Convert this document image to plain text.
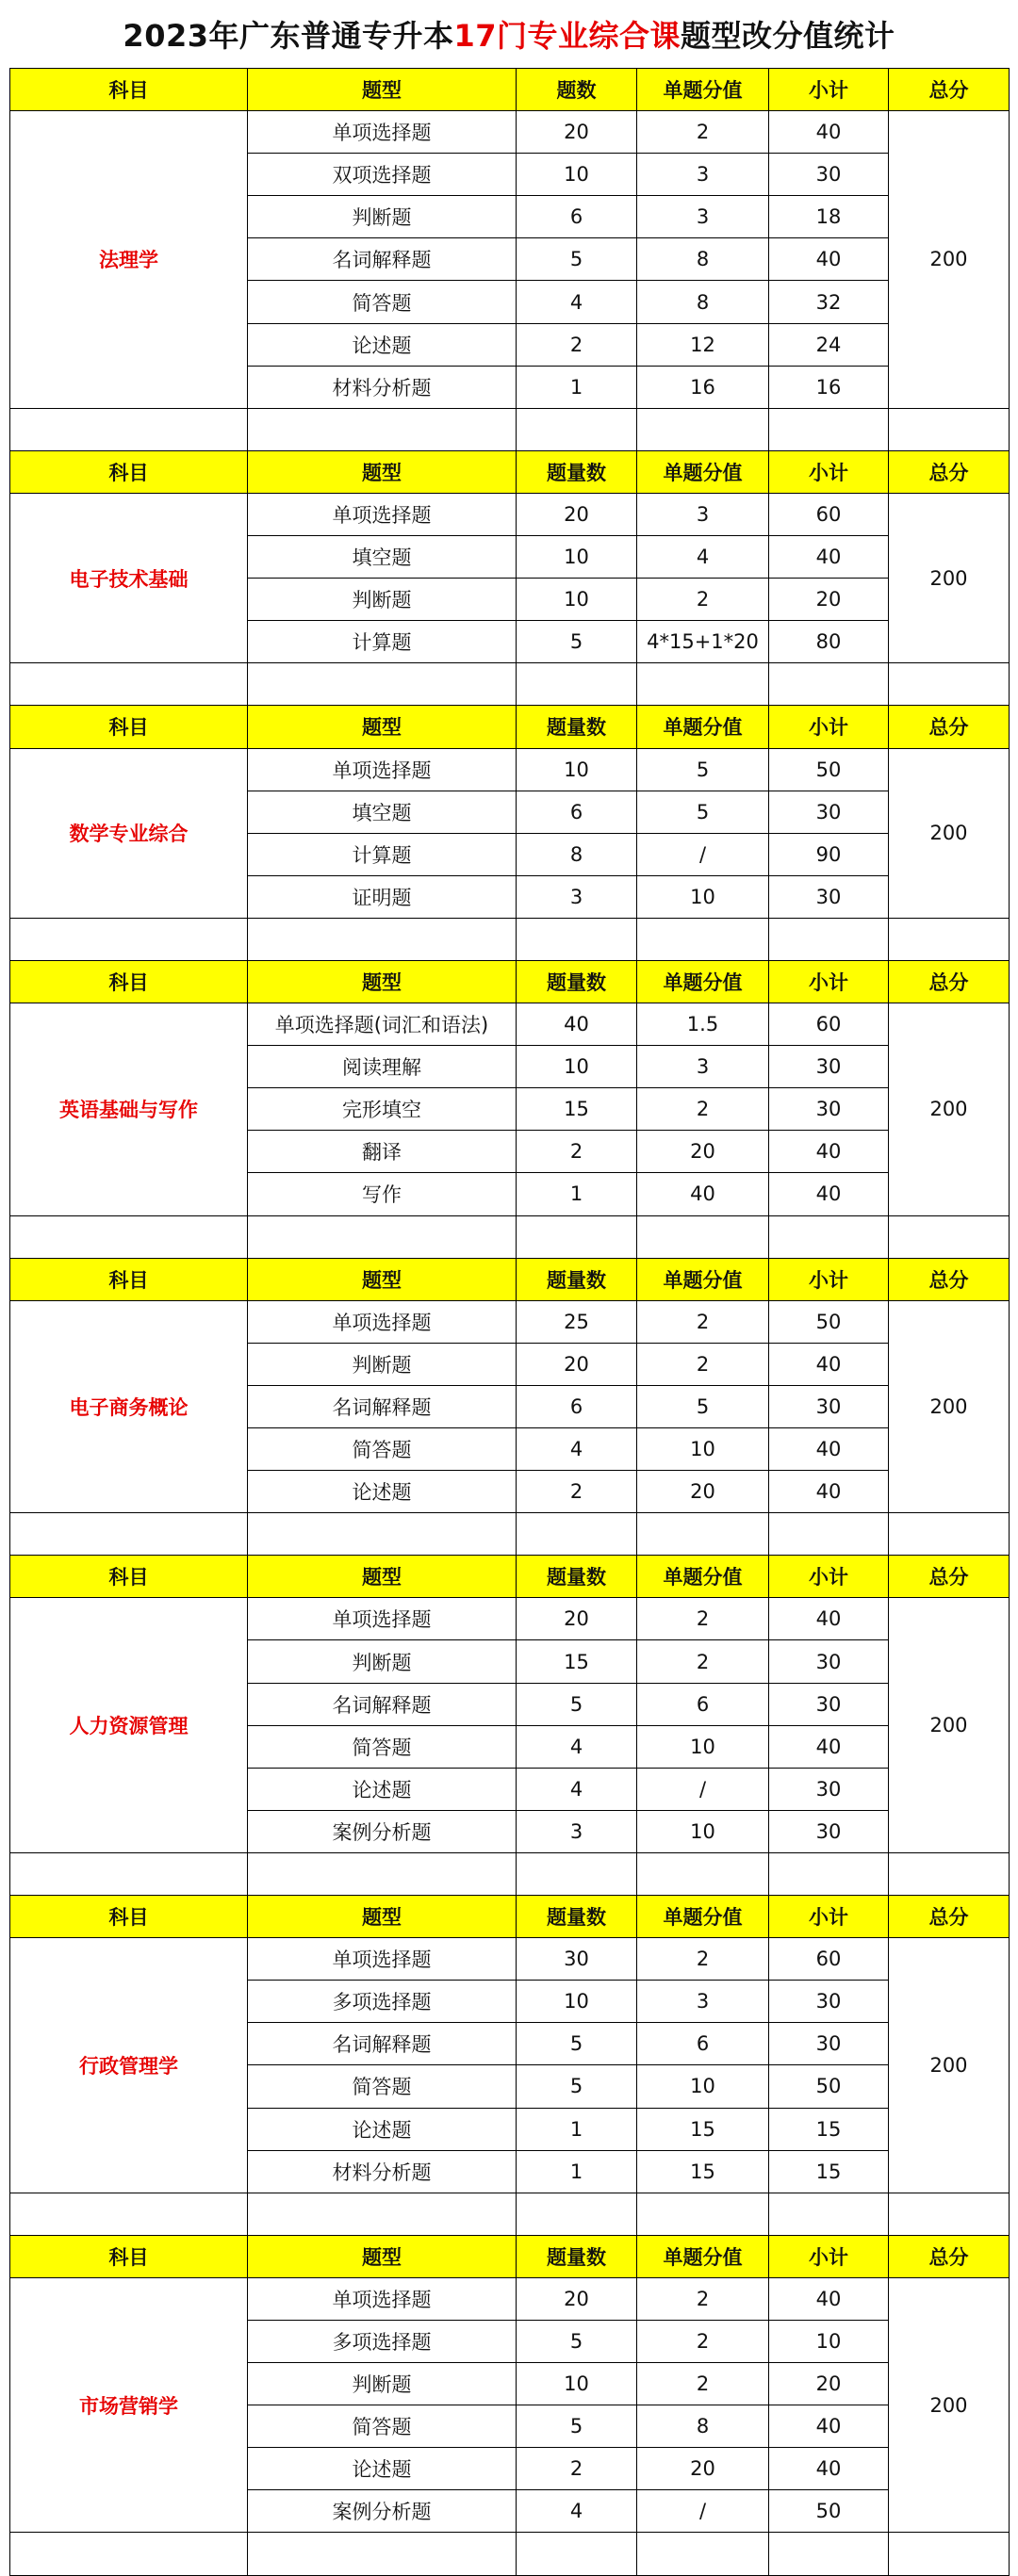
2023年广东普通专升本 17门专业综合课 题型改分值统计
科目	题型	题数	单题分值	小计	总分
法理学	单项选择题	20	2	40	200
	双项选择题	10	3	30	
	判断题	6	3	18	
	名词解释题	5	8	40	
	简答题	4	8	32	
	论述题	2	12	24	
	材料分析题	1	16	16	

科目	题型	题量数	单题分值	小计	总分
电子技术基础	单项选择题	20	3	60	200
	填空题	10	4	40	
	判断题	10	2	20	
	计算题	5	4*15+1*20	80	

科目	题型	题量数	单题分值	小计	总分
数学专业综合	单项选择题	10	5	50	200
	填空题	6	5	30	
	计算题	8	/	90	
	证明题	3	10	30	

科目	题型	题量数	单题分值	小计	总分
英语基础与写作	单项选择题(词汇和语法)	40	1.5	60	200
	阅读理解	10	3	30	
	完形填空	15	2	30	
	翻译	2	20	40	
	写作	1	40	40	

科目	题型	题量数	单题分值	小计	总分
电子商务概论	单项选择题	25	2	50	200
	判断题	20	2	40	
	名词解释题	6	5	30	
	简答题	4	10	40	
	论述题	2	20	40	

科目	题型	题量数	单题分值	小计	总分
人力资源管理	单项选择题	20	2	40	200
	判断题	15	2	30	
	名词解释题	5	6	30	
	简答题	4	10	40	
	论述题	4	/	30	
	案例分析题	3	10	30	

科目	题型	题量数	单题分值	小计	总分
行政管理学	单项选择题	30	2	60	200
	多项选择题	10	3	30	
	名词解释题	5	6	30	
	简答题	5	10	50	
	论述题	1	15	15	
	材料分析题	1	15	15	

科目	题型	题量数	单题分值	小计	总分
市场营销学	单项选择题	20	2	40	200
	多项选择题	5	2	10	
	判断题	10	2	20	
	简答题	5	8	40	
	论述题	2	20	40	
	案例分析题	4	/	50	
